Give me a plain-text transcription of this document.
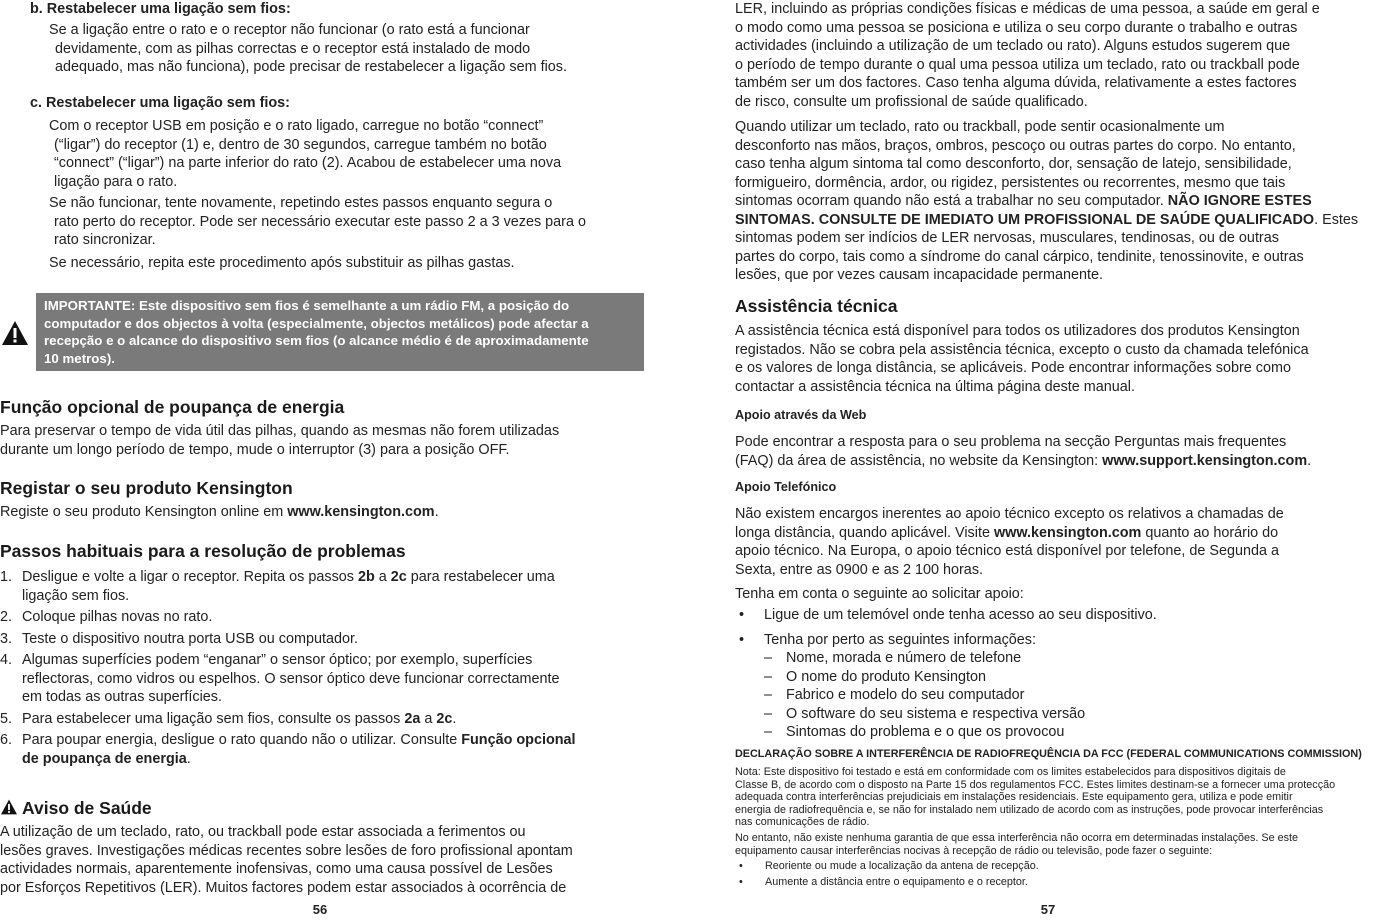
b. Restabelecer uma ligação sem fios:

Se a ligação entre o rato e o receptor não funcionar (o rato está a funcionar

devidamente, com as pilhas correctas e o receptor está instalado de modo

adequado, mas não funciona), pode precisar de restabelecer a ligação sem fios.

c. Restabelecer uma ligação sem fios:

Com o receptor USB em posição e o rato ligado, carregue no botão “connect”

(“ligar”) do receptor (1) e, dentro de 30 segundos, carregue também no botão

“connect” (“ligar”) na parte inferior do rato (2). Acabou de estabelecer uma nova

ligação para o rato.

Se não funcionar, tente novamente, repetindo estes passos enquanto segura o

rato perto do receptor. Pode ser necessário executar este passo 2 a 3 vezes para o

rato sincronizar.

Se necessário, repita este procedimento após substituir as pilhas gastas.

IMPORTANTE: Este dispositivo sem fios é semelhante a um rádio FM, a posição do
computador e dos objectos à volta (especialmente, objectos metálicos) pode afectar a
recepção e o alcance do dispositivo sem fios (o alcance médio é de aproximadamente
10 metros).
Função opcional de poupança de energia

Para preservar o tempo de vida útil das pilhas, quando as mesmas não forem utilizadas

durante um longo período de tempo, mude o interruptor (3) para a posição OFF.

Registar o seu produto Kensington

Registe o seu produto Kensington online em www.kensington.com.

Passos habituais para a resolução de problemas

1. Desligue e volte a ligar o receptor. Repita os passos 2b a 2c para restabelecer uma

ligação sem fios.

2. Coloque pilhas novas no rato.

3. Teste o dispositivo noutra porta USB ou computador.

4. Algumas superfícies podem “enganar” o sensor óptico; por exemplo, superfícies

reflectoras, como vidros ou espelhos. O sensor óptico deve funcionar correctamente

em todas as outras superfícies.

5. Para estabelecer uma ligação sem fios, consulte os passos 2a a 2c.

6. Para poupar energia, desligue o rato quando não o utilizar. Consulte Função opcional

de poupança de energia.

Aviso de Saúde

A utilização de um teclado, rato, ou trackball pode estar associada a ferimentos ou

lesões graves. Investigações médicas recentes sobre lesões de foro profissional apontam

actividades normais, aparentemente inofensivas, como uma causa possível de Lesões

por Esforços Repetitivos (LER). Muitos factores podem estar associados à ocorrência de

56

LER, incluindo as próprias condições físicas e médicas de uma pessoa, a saúde em geral e

o modo como uma pessoa se posiciona e utiliza o seu corpo durante o trabalho e outras

actividades (incluindo a utilização de um teclado ou rato). Alguns estudos sugerem que

o período de tempo durante o qual uma pessoa utiliza um teclado, rato ou trackball pode

também ser um dos factores. Caso tenha alguma dúvida, relativamente a estes factores

de risco, consulte um profissional de saúde qualificado.

Quando utilizar um teclado, rato ou trackball, pode sentir ocasionalmente um

desconforto nas mãos, braços, ombros, pescoço ou outras partes do corpo. No entanto,

caso tenha algum sintoma tal como desconforto, dor, sensação de latejo, sensibilidade,

formigueiro, dormência, ardor, ou rigidez, persistentes ou recorrentes, mesmo que tais

sintomas ocorram quando não está a trabalhar no seu computador. NÃO IGNORE ESTES

SINTOMAS. CONSULTE DE IMEDIATO UM PROFISSIONAL DE SAÚDE QUALIFICADO. Estes

sintomas podem ser indícios de LER nervosas, musculares, tendinosas, ou de outras

partes do corpo, tais como a síndrome do canal cárpico, tendinite, tenossinovite, e outras

lesões, que por vezes causam incapacidade permanente.

Assistência técnica

A assistência técnica está disponível para todos os utilizadores dos produtos Kensington

registados. Não se cobra pela assistência técnica, excepto o custo da chamada telefónica

e os valores de longa distância, se aplicáveis. Pode encontrar informações sobre como

contactar a assistência técnica na última página deste manual.

Apoio através da Web

Pode encontrar a resposta para o seu problema na secção Perguntas mais frequentes

(FAQ) da área de assistência, no website da Kensington: www.support.kensington.com.

Apoio Telefónico

Não existem encargos inerentes ao apoio técnico excepto os relativos a chamadas de

longa distância, quando aplicável. Visite www.kensington.com quanto ao horário do

apoio técnico. Na Europa, o apoio técnico está disponível por telefone, de Segunda a

Sexta, entre as 0900 e as 2 100 horas.

Tenha em conta o seguinte ao solicitar apoio:

• Ligue de um telemóvel onde tenha acesso ao seu dispositivo.

• Tenha por perto as seguintes informações:

– Nome, morada e número de telefone

– O nome do produto Kensington

– Fabrico e modelo do seu computador

– O software do seu sistema e respectiva versão

– Sintomas do problema e o que os provocou

DECLARAÇÃO SOBRE A INTERFERÊNCIA DE RADIOFREQUÊNCIA DA FCC (FEDERAL COMMUNICATIONS COMMISSION)
Nota: Este dispositivo foi testado e está em conformidade com os limites estabelecidos para dispositivos digitais de
Classe B, de acordo com o disposto na Parte 15 dos regulamentos FCC. Estes limites destinam-se a fornecer uma protecção
adequada contra interferências prejudiciais em instalações residenciais. Este equipamento gera, utiliza e pode emitir
energia de radiofrequência e, se não for instalado nem utilizado de acordo com as instruções, pode provocar interferências
nas comunicações de rádio.
No entanto, não existe nenhuma garantia de que essa interferência não ocorra em determinadas instalações. Se este
equipamento causar interferências nocivas à recepção de rádio ou televisão, pode fazer o seguinte:
• Reoriente ou mude a localização da antena de recepção.
• Aumente a distância entre o equipamento e o receptor.
57
